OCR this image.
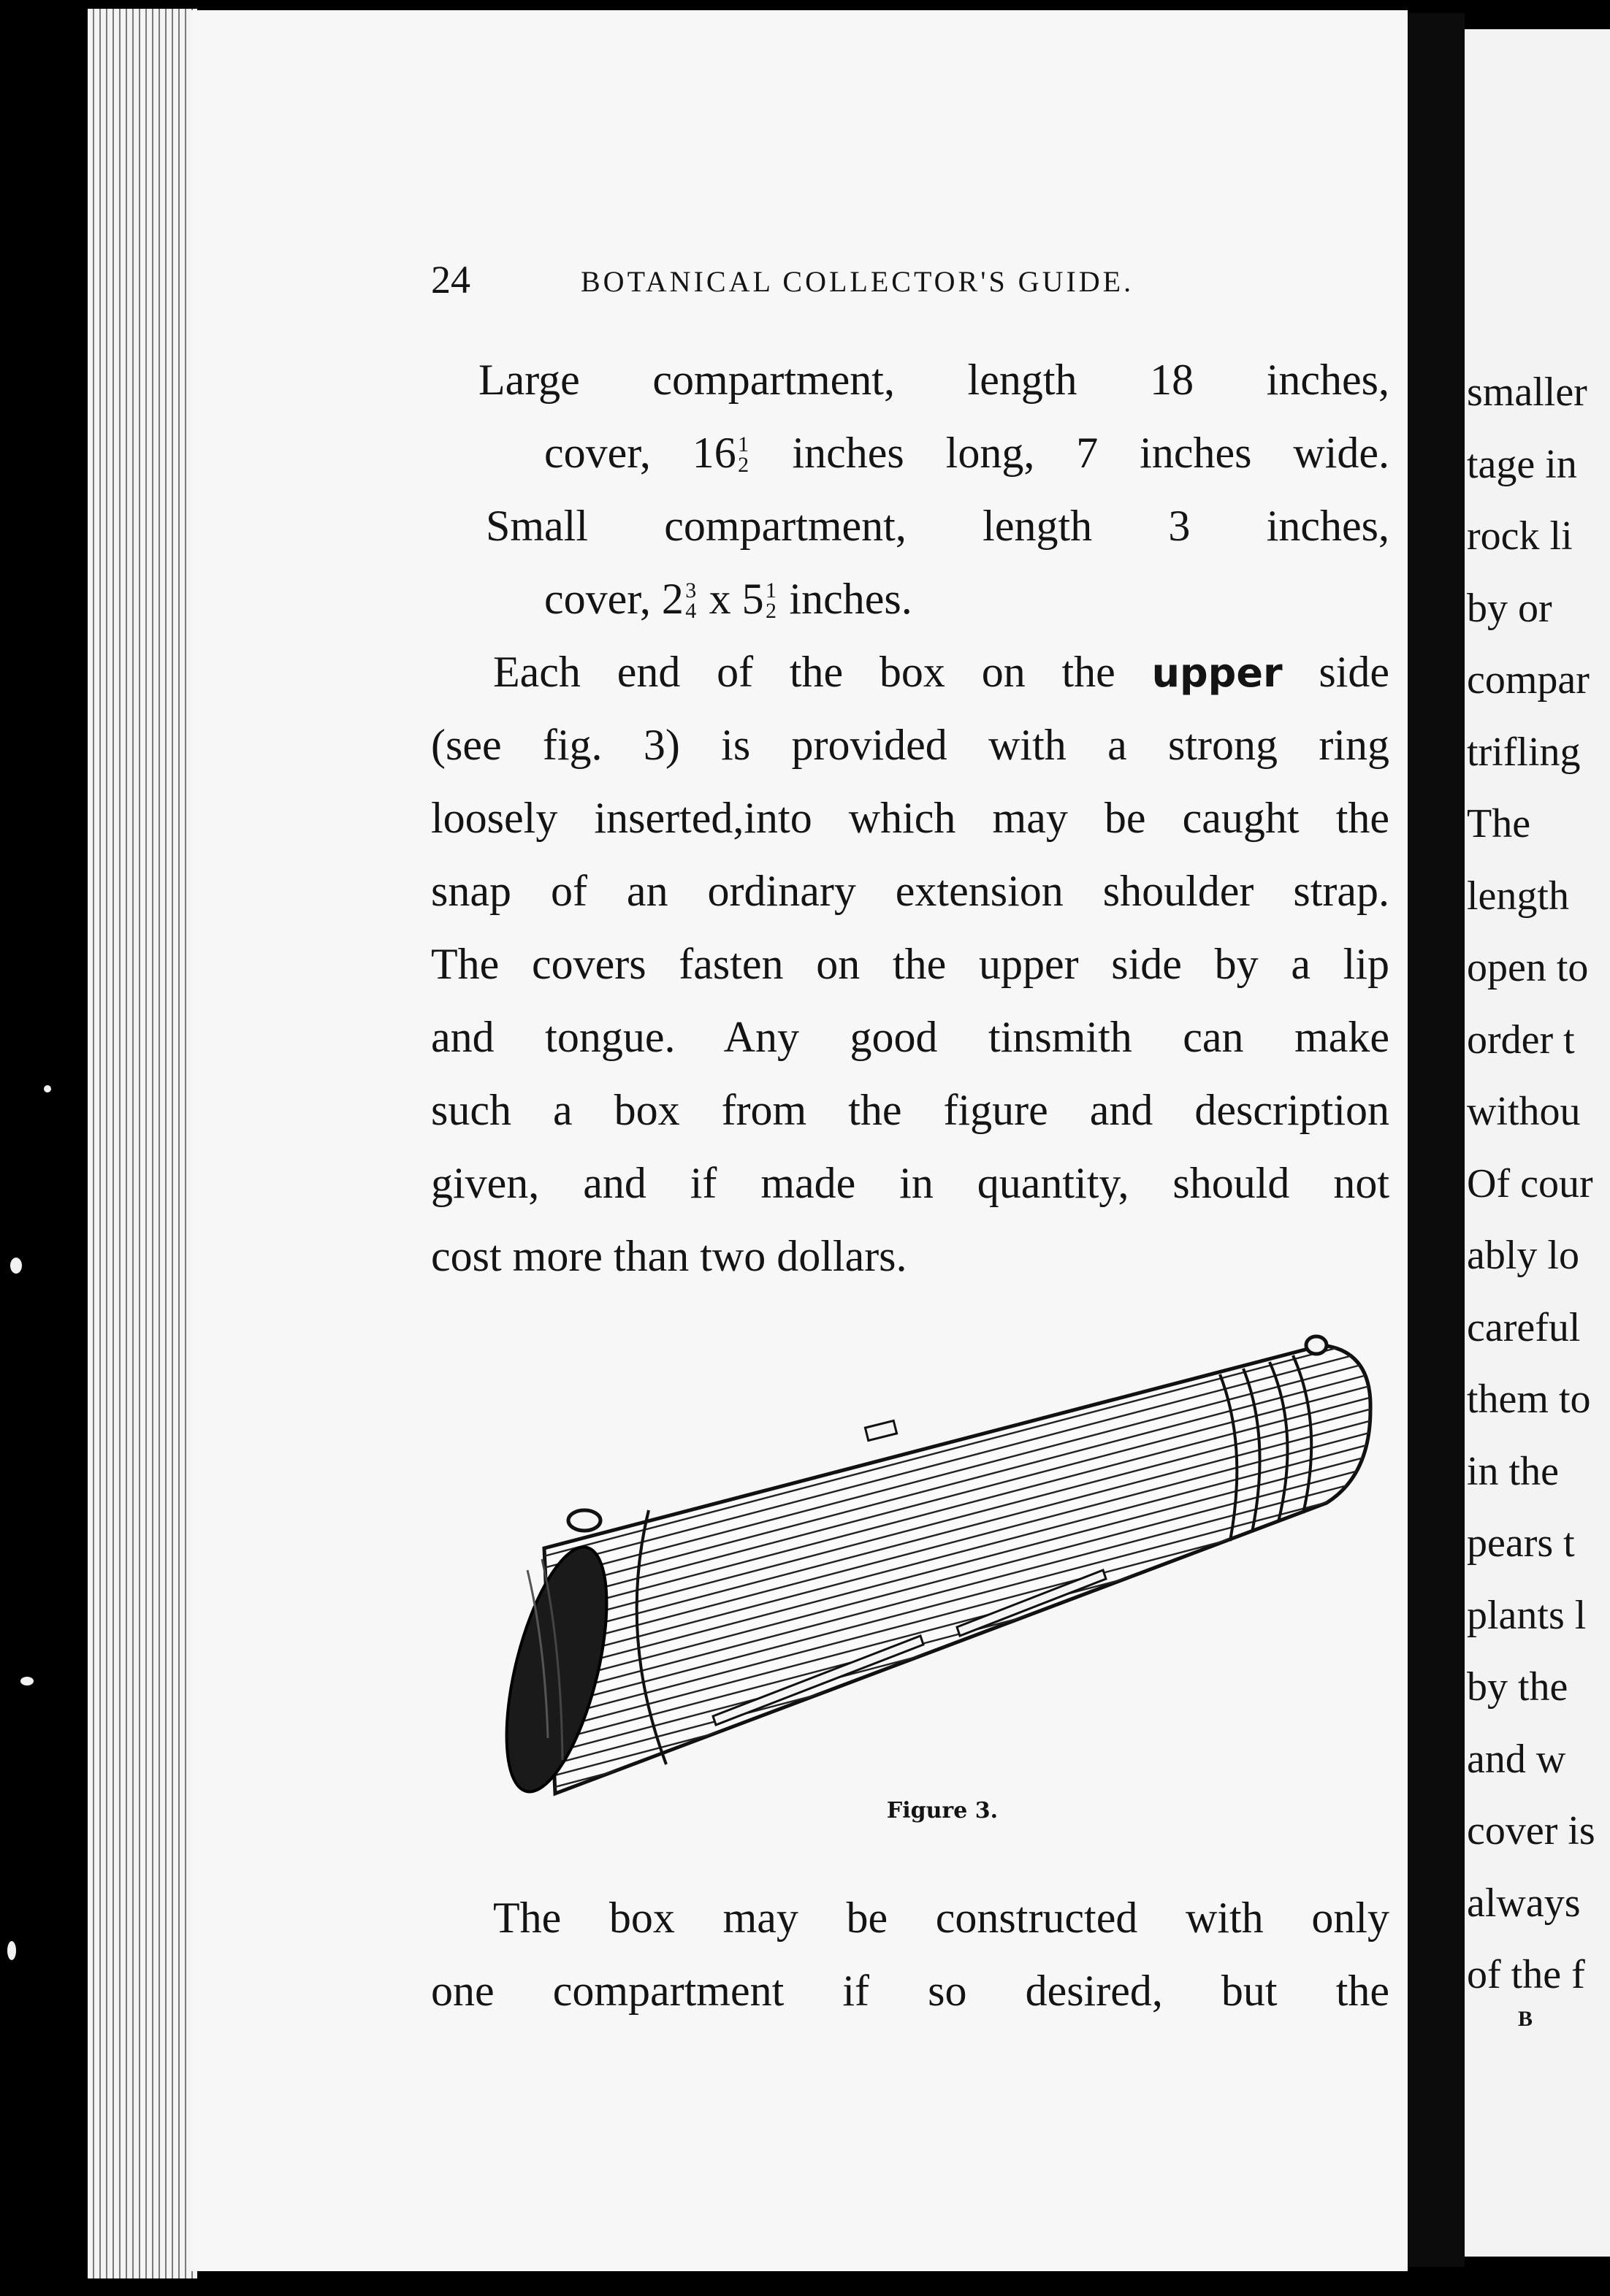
24	BOTANICAL COLLECTOR'S GUIDE.
Large compartment, length 18 inches,
cover, 16 1
2 inches long, 7 inches wide.
Small compartment, length 3 inches,
cover, 2 3
4 x 5 1
2 inches.
Each end of the box on the upper side
(see fig. 3) is provided with a strong ring
loosely inserted,into which may be caught the
snap of an ordinary extension shoulder strap.
The covers fasten on the upper side by a lip
and tongue. Any good tinsmith can make
such a box from the figure and description
given, and if made in quantity, should not
cost more than two dollars.
Figure 3.
The box may be constructed with only
one compartment if so desired, but the
smaller
tage in
rock li
by or
compar
trifling
The
length
open to
order t
withou
Of cour
ably lo
careful
them to
in the
pears t
plants l
by the
and w
cover is
always
of the f
B
